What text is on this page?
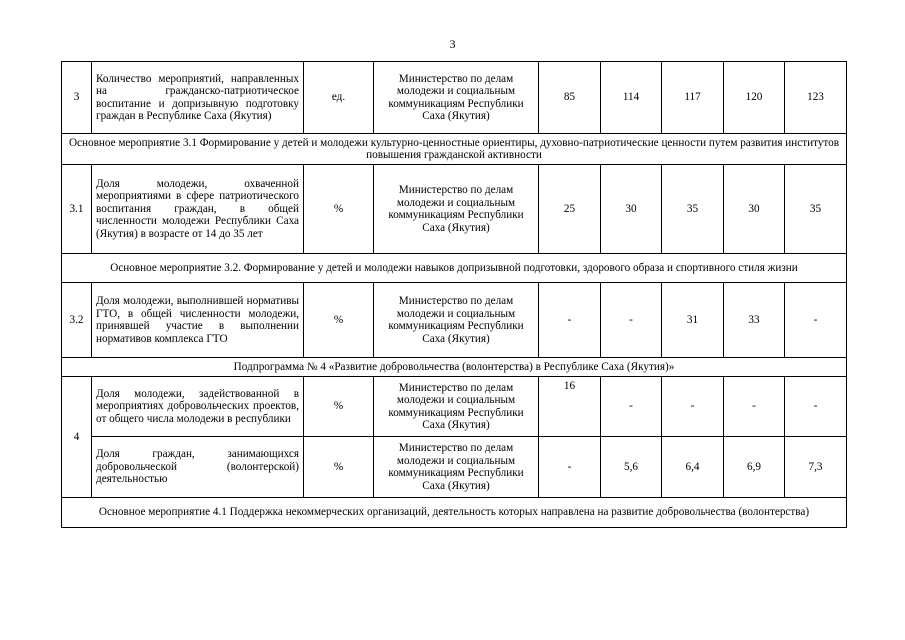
3
3	Количество мероприятий, направленных на гражданско-патриотическое воспитание и допризывную подготовку граждан в Республике Саха (Якутия)	ед.	Министерство по делам молодежи и социальным коммуникациям Республики Саха (Якутия)	85	114	117	120	123
Основное мероприятие 3.1 Формирование у детей и молодежи культурно-ценностные ориентиры, духовно-патриотические ценности путем развития институтов повышения гражданской активности								
3.1	Доля молодежи, охваченной мероприятиями в сфере патриотического воспитания граждан, в общей численности молодежи Республики Саха (Якутия) в возрасте от 14 до 35 лет	%	Министерство по делам молодежи и социальным коммуникациям Республики Саха (Якутия)	25	30	35	30	35
Основное мероприятие 3.2. Формирование у детей и молодежи навыков допризывной подготовки, здорового образа и спортивного стиля жизни								
3.2	Доля молодежи, выполнившей нормативы ГТО, в общей численности молодежи, принявшей участие в выполнении нормативов комплекса ГТО	%	Министерство по делам молодежи и социальным коммуникациям Республики Саха (Якутия)	-	-	31	33	-
Подпрограмма № 4 «Развитие добровольчества (волонтерства) в Республике Саха (Якутия)»								
4	Доля молодежи, задействованной в мероприятиях добровольческих проектов, от общего числа молодежи в республики	%	Министерство по делам молодежи и социальным коммуникациям Республики Саха (Якутия)	16	-	-	-	-
	Доля граждан, занимающихся добровольческой (волонтерской) деятельностью	%	Министерство по делам молодежи и социальным коммуникациям Республики Саха (Якутия)	-	5,6	6,4	6,9	7,3
Основное мероприятие 4.1 Поддержка некоммерческих организаций, деятельность которых направлена на развитие добровольчества (волонтерства)								
